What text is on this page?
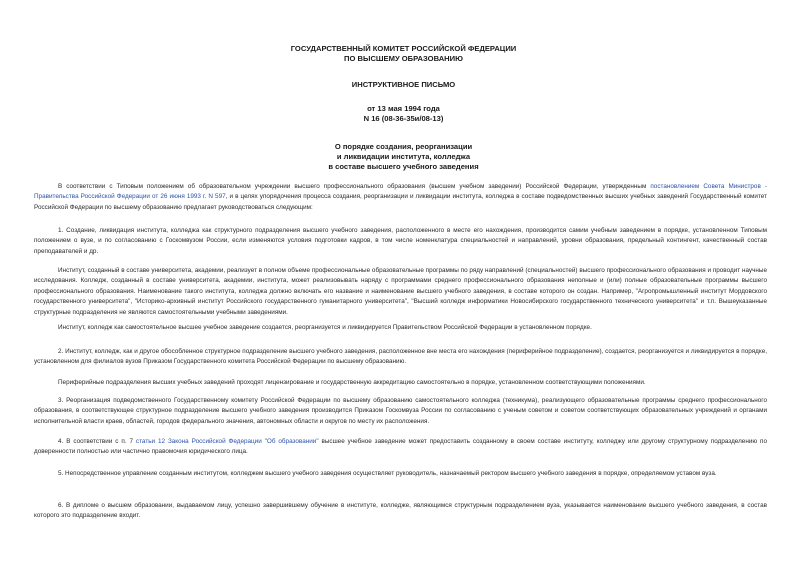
ГОСУДАРСТВЕННЫЙ КОМИТЕТ РОССИЙСКОЙ ФЕДЕРАЦИИ
ПО ВЫСШЕМУ ОБРАЗОВАНИЮ
ИНСТРУКТИВНОЕ ПИСЬМО
от 13 мая 1994 года
N 16 (08-36-35и/08-13)
О порядке создания, реорганизации
и ликвидации института, колледжа
в составе высшего учебного заведения

В соответствии с Типовым положением об образовательном учреждении высшего профессионального образования (высшем учебном заведении) Российской Федерации, утвержденным постановлением Совета Министров - Правительства Российской Федерации от 26 июня 1993 г. N 597, и в целях упорядочения процесса создания, реорганизации и ликвидации института, колледжа в составе подведомственных высших учебных заведений Государственный комитет Российской Федерации по высшему образованию предлагает руководствоваться следующим:

1. Создание, ликвидация института, колледжа как структурного подразделения высшего учебного заведения, расположенного в месте его нахождения, производится самим учебным заведением в порядке, установленном Типовым положением о вузе, и по согласованию с Госкомвузом России, если изменяются условия подготовки кадров, в том числе номенклатура специальностей и направлений, уровни образования, предельный контингент, качественный состав преподавателей и др.

Институт, созданный в составе университета, академии, реализует в полном объеме профессиональные образовательные программы по ряду направлений (специальностей) высшего профессионального образования и проводит научные исследования. Колледж, созданный в составе университета, академии, института, может реализовывать наряду с программами среднего профессионального образования неполные и (или) полные образовательные программы высшего профессионального образования. Наименование такого института, колледжа должно включать его название и наименование высшего учебного заведения, в составе которого он создан. Например, "Агропромышленный институт Мордовского государственного университета", "Историко-архивный институт Российского государственного гуманитарного университета", "Высший колледж информатики Новосибирского государственного технического университета" и т.п. Вышеуказанные структурные подразделения не являются самостоятельными учебными заведениями.

Институт, колледж как самостоятельное высшее учебное заведение создается, реорганизуется и ликвидируется Правительством Российской Федерации в установленном порядке.

2. Институт, колледж, как и другое обособленное структурное подразделение высшего учебного заведения, расположенное вне места его нахождения (периферийное подразделение), создается, реорганизуется и ликвидируется в порядке, установленном для филиалов вузов Приказом Государственного комитета Российской Федерации по высшему образованию.

Периферийные подразделения высших учебных заведений проходят лицензирование и государственную аккредитацию самостоятельно в порядке, установленном соответствующими положениями.

3. Реорганизация подведомственного Государственному комитету Российской Федерации по высшему образованию самостоятельного колледжа (техникума), реализующего образовательные программы среднего профессионального образования, в соответствующее структурное подразделение высшего учебного заведения производится Приказом Госкомвуза России по согласованию с ученым советом и советом соответствующих образовательных учреждений и органами исполнительной власти краев, областей, городов федерального значения, автономных области и округов по месту их расположения.

4. В соответствии с п. 7 статьи 12 Закона Российской Федерации "Об образовании" высшее учебное заведение может предоставить созданному в своем составе институту, колледжу или другому структурному подразделению по доверенности полностью или частично правомочия юридического лица.

5. Непосредственное управление созданным институтом, колледжем высшего учебного заведения осуществляет руководитель, назначаемый ректором высшего учебного заведения в порядке, определяемом уставом вуза.

6. В дипломе о высшем образовании, выдаваемом лицу, успешно завершившему обучение в институте, колледже, являющимся структурным подразделением вуза, указывается наименование высшего учебного заведения, в состав которого это подразделение входит.
